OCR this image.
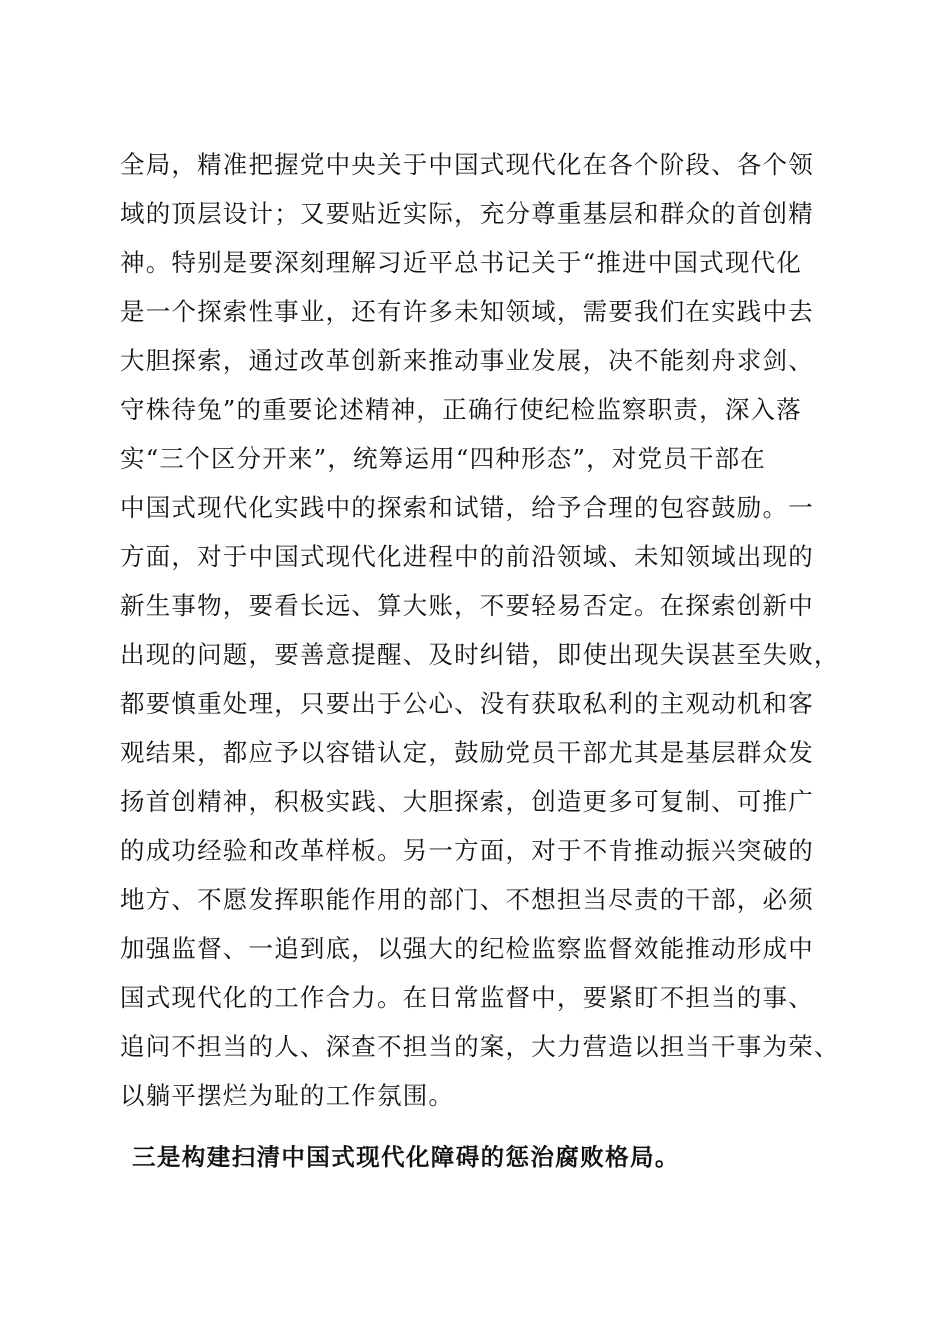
全局，精准把握党中央关于中国式现代化在各个阶段、各个领
域的顶层设计；又要贴近实际，充分尊重基层和群众的首创精
神。特别是要深刻理解习近平总书记关于“推进中国式现代化
是一个探索性事业，还有许多未知领域，需要我们在实践中去
大胆探索，通过改革创新来推动事业发展，决不能刻舟求剑、
守株待兔”的重要论述精神，正确行使纪检监察职责，深入落
实“三个区分开来”，统筹运用“四种形态”，对党员干部在
中国式现代化实践中的探索和试错，给予合理的包容鼓励。一
方面，对于中国式现代化进程中的前沿领域、未知领域出现的
新生事物，要看长远、算大账，不要轻易否定。在探索创新中
出现的问题，要善意提醒、及时纠错，即使出现失误甚至失败，
都要慎重处理，只要出于公心、没有获取私利的主观动机和客
观结果，都应予以容错认定，鼓励党员干部尤其是基层群众发
扬首创精神，积极实践、大胆探索，创造更多可复制、可推广
的成功经验和改革样板。另一方面，对于不肯推动振兴突破的
地方、不愿发挥职能作用的部门、不想担当尽责的干部，必须
加强监督、一追到底，以强大的纪检监察监督效能推动形成中
国式现代化的工作合力。在日常监督中，要紧盯不担当的事、
追问不担当的人、深查不担当的案，大力营造以担当干事为荣、
以躺平摆烂为耻的工作氛围。

三是构建扫清中国式现代化障碍的惩治腐败格局。
